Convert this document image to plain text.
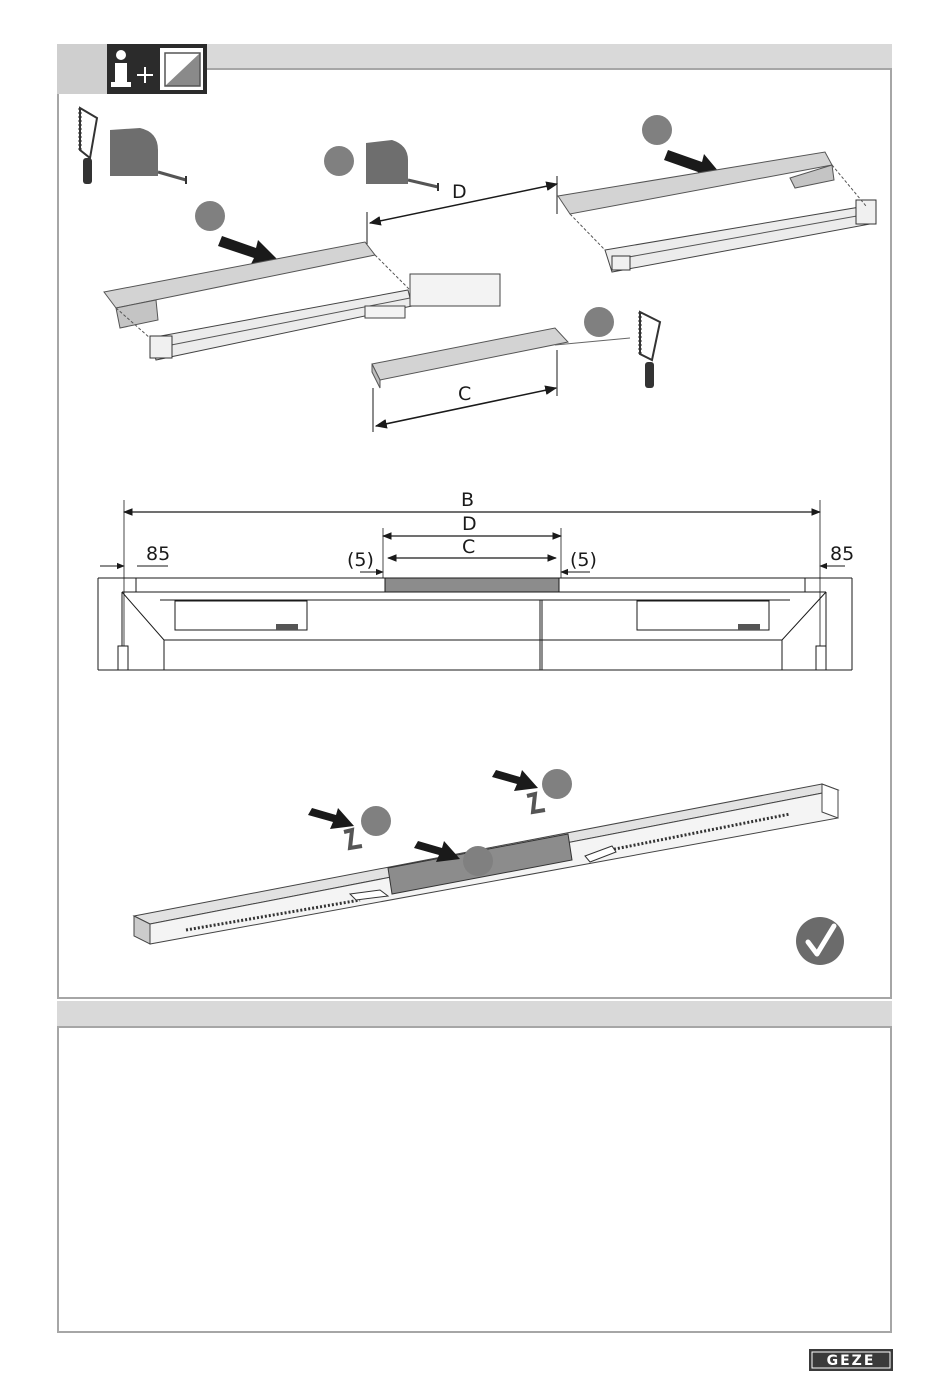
D
C
B
D
C
85	85
(5)	(5)
GEZE
